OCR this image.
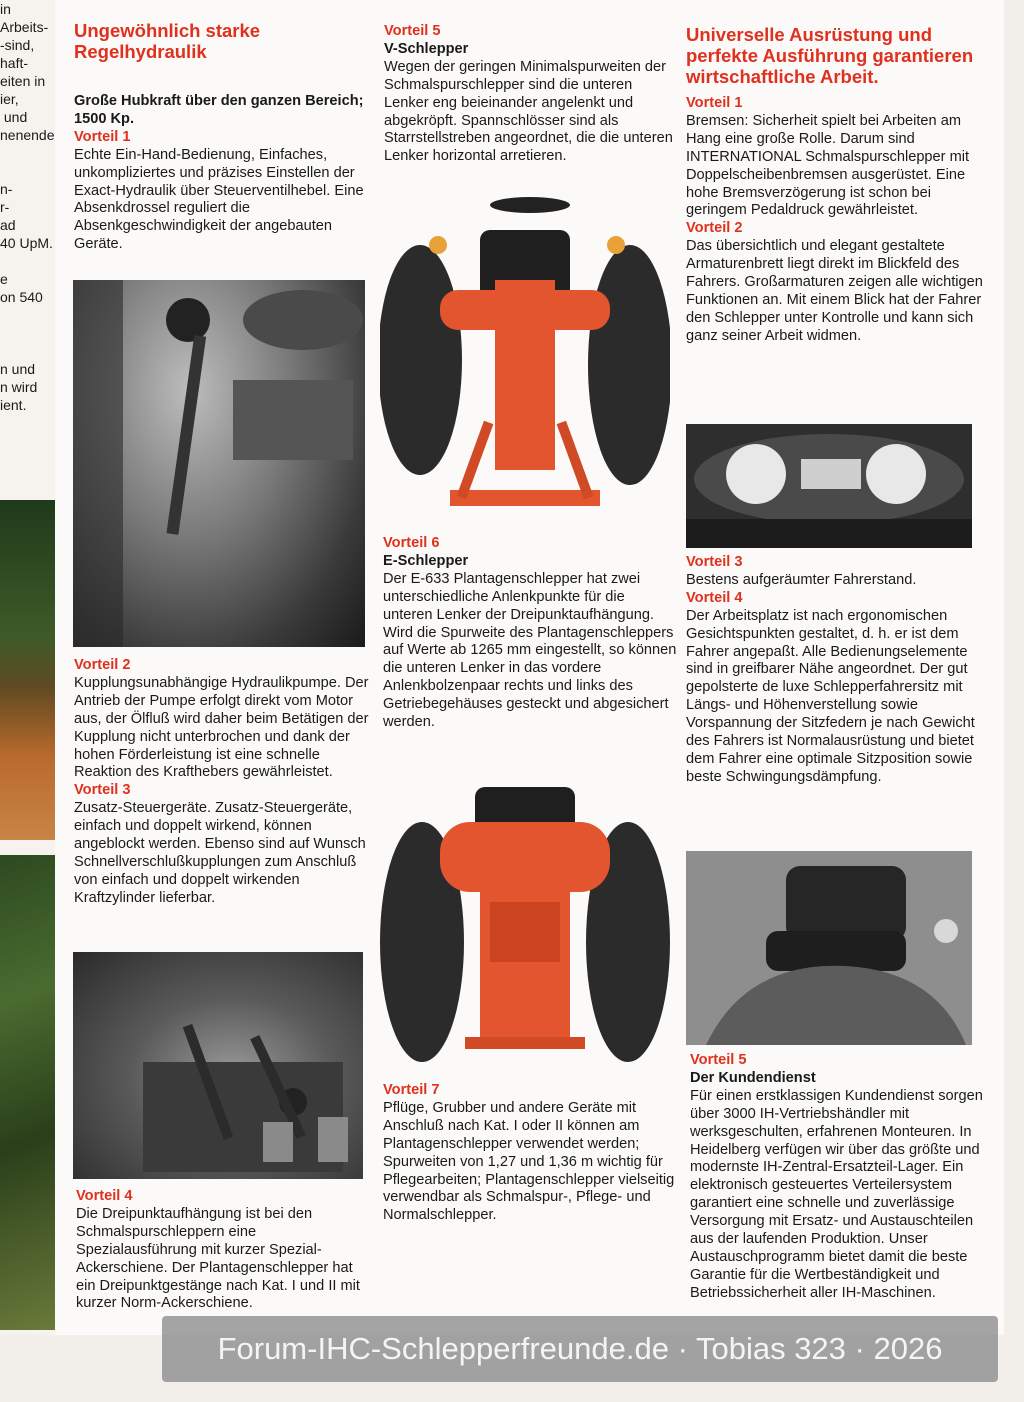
in
Arbeits-
-sind,
haft-
eiten in
ier,
und
nenende

n-
r-
ad
40 UpM.

e
on 540

n und
n wird
ient.
Ungewöhnlich starke Regelhydraulik
Große Hubkraft über den ganzen Bereich; 1500 Kp.
Vorteil 1

Echte Ein-Hand-Bedienung, Einfaches, unkompliziertes und präzises Einstellen der Exact-Hydraulik über Steuerventilhebel. Eine Absenkdrossel reguliert die Absenkgeschwindigkeit der angebauten Geräte.

Vorteil 2

Kupplungsunabhängige Hydraulikpumpe. Der Antrieb der Pumpe erfolgt direkt vom Motor aus, der Ölfluß wird daher beim Betätigen der Kupplung nicht unterbrochen und dank der hohen Förderleistung ist eine schnelle Reaktion des Krafthebers gewährleistet.

Vorteil 3

Zusatz-Steuergeräte. Zusatz-Steuergeräte, einfach und doppelt wirkend, können angeblockt werden. Ebenso sind auf Wunsch Schnellverschlußkupplungen zum Anschluß von einfach und doppelt wirkenden Kraftzylinder lieferbar.

Vorteil 4

Die Dreipunktaufhängung ist bei den Schmalspurschleppern eine Spezialausführung mit kurzer Spezial-Ackerschiene. Der Plantagenschlepper hat ein Dreipunktgestänge nach Kat. I und II mit kurzer Norm-Ackerschiene.

Vorteil 5
V-Schlepper

Wegen der geringen Minimalspurweiten der Schmalspurschlepper sind die unteren Lenker eng beieinander angelenkt und abgekröpft. Spannschlösser sind als Starrstellstreben angeordnet, die die unteren Lenker horizontal arretieren.

Vorteil 6
E-Schlepper

Der E-633 Plantagenschlepper hat zwei unterschiedliche Anlenkpunkte für die unteren Lenker der Dreipunktaufhängung. Wird die Spurweite des Plantagenschleppers auf Werte ab 1265 mm eingestellt, so können die unteren Lenker in das vordere Anlenkbolzenpaar rechts und links des Getriebegehäuses gesteckt und abgesichert werden.

Vorteil 7

Pflüge, Grubber und andere Geräte mit Anschluß nach Kat. I oder II können am Plantagenschlepper verwendet werden; Spurweiten von 1,27 und 1,36 m wichtig für Pflegearbeiten; Plantagenschlepper vielseitig verwendbar als Schmalspur-, Pflege- und Normalschlepper.

Universelle Ausrüstung und perfekte Ausführung garantieren wirtschaftliche Arbeit.
Vorteil 1

Bremsen: Sicherheit spielt bei Arbeiten am Hang eine große Rolle. Darum sind INTERNATIONAL Schmalspurschlepper mit Doppelscheibenbremsen ausgerüstet. Eine hohe Bremsverzögerung ist schon bei geringem Pedaldruck gewährleistet.

Vorteil 2

Das übersichtlich und elegant gestaltete Armaturenbrett liegt direkt im Blickfeld des Fahrers. Großarmaturen zeigen alle wichtigen Funktionen an. Mit einem Blick hat der Fahrer den Schlepper unter Kontrolle und kann sich ganz seiner Arbeit widmen.

Vorteil 3

Bestens aufgeräumter Fahrerstand.

Vorteil 4

Der Arbeitsplatz ist nach ergonomischen Gesichtspunkten gestaltet, d. h. er ist dem Fahrer angepaßt. Alle Bedienungselemente sind in greifbarer Nähe angeordnet. Der gut gepolsterte de luxe Schlepperfahrersitz mit Längs- und Höhenverstellung sowie Vorspannung der Sitzfedern je nach Gewicht des Fahrers ist Normalausrüstung und bietet dem Fahrer eine optimale Sitzposition sowie beste Schwingungsdämpfung.

Vorteil 5
Der Kundendienst

Für einen erstklassigen Kundendienst sorgen über 3000 IH-Vertriebshändler mit werksgeschulten, erfahrenen Monteuren. In Heidelberg verfügen wir über das größte und modernste IH-Zentral-Ersatzteil-Lager. Ein elektronisch gesteuertes Verteilersystem garantiert eine schnelle und zuverlässige Versorgung mit Ersatz- und Austauschteilen aus der laufenden Produktion. Unser Austauschprogramm bietet damit die beste Garantie für die Wertbeständigkeit und Betriebssicherheit aller IH-Maschinen.

Forum-IHC-Schlepperfreunde.de · Tobias 323 · 2026
